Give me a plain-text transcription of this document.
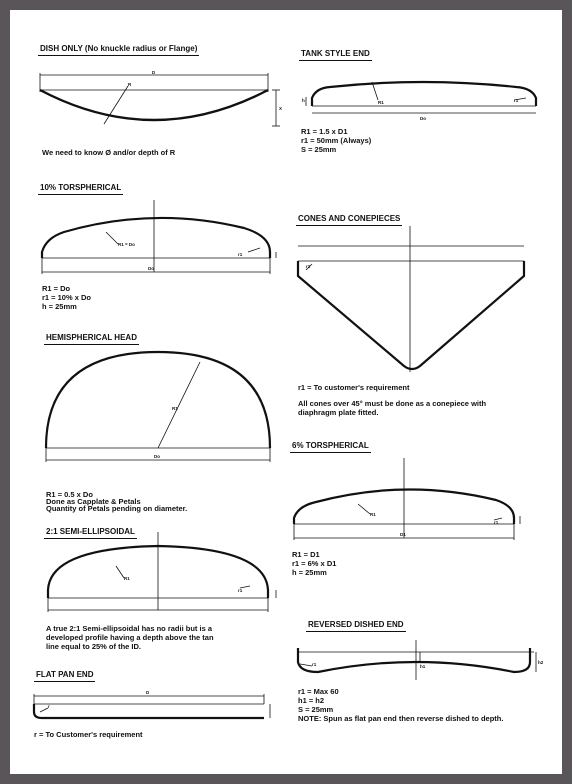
DISH ONLY (No knuckle radius or Flange)
TANK STYLE END
10% TORSPHERICAL
CONES AND CONEPIECES
HEMISPHERICAL HEAD
6% TORSPHERICAL
2:1 SEMI-ELLIPSOIDAL
REVERSED DISHED END
FLAT PAN END
We need to know Ø and/or depth of R
R1 = 1.5 x D1
r1 = 50mm (Always)
S = 25mm
R1 = Do
r1 = 10% x Do
h = 25mm
r1 = To customer's requirement
All cones over 45° must be done as a conepiece with
diaphragm plate fitted.
R1 = 0.5 x Do
Done as Capplate & Petals
Quantity of Petals pending on diameter.
R1 = D1
r1 = 6% x D1
h = 25mm
A true 2:1 Semi-ellipsoidal has no radii but is a
developed profile having a depth above the tan
line equal to 25% of the ID.
r1 = Max 60
h1 = h2
S = 25mm
NOTE: Spun as flat pan end then reverse dished to depth.
r = To Customer's requirement
D
R
X
R1	r1
Do
h
R1 = Do
r1
Do	r1
R1
Do
R1
r1
D1
R1
r1
r1	h1
h2
D
r
